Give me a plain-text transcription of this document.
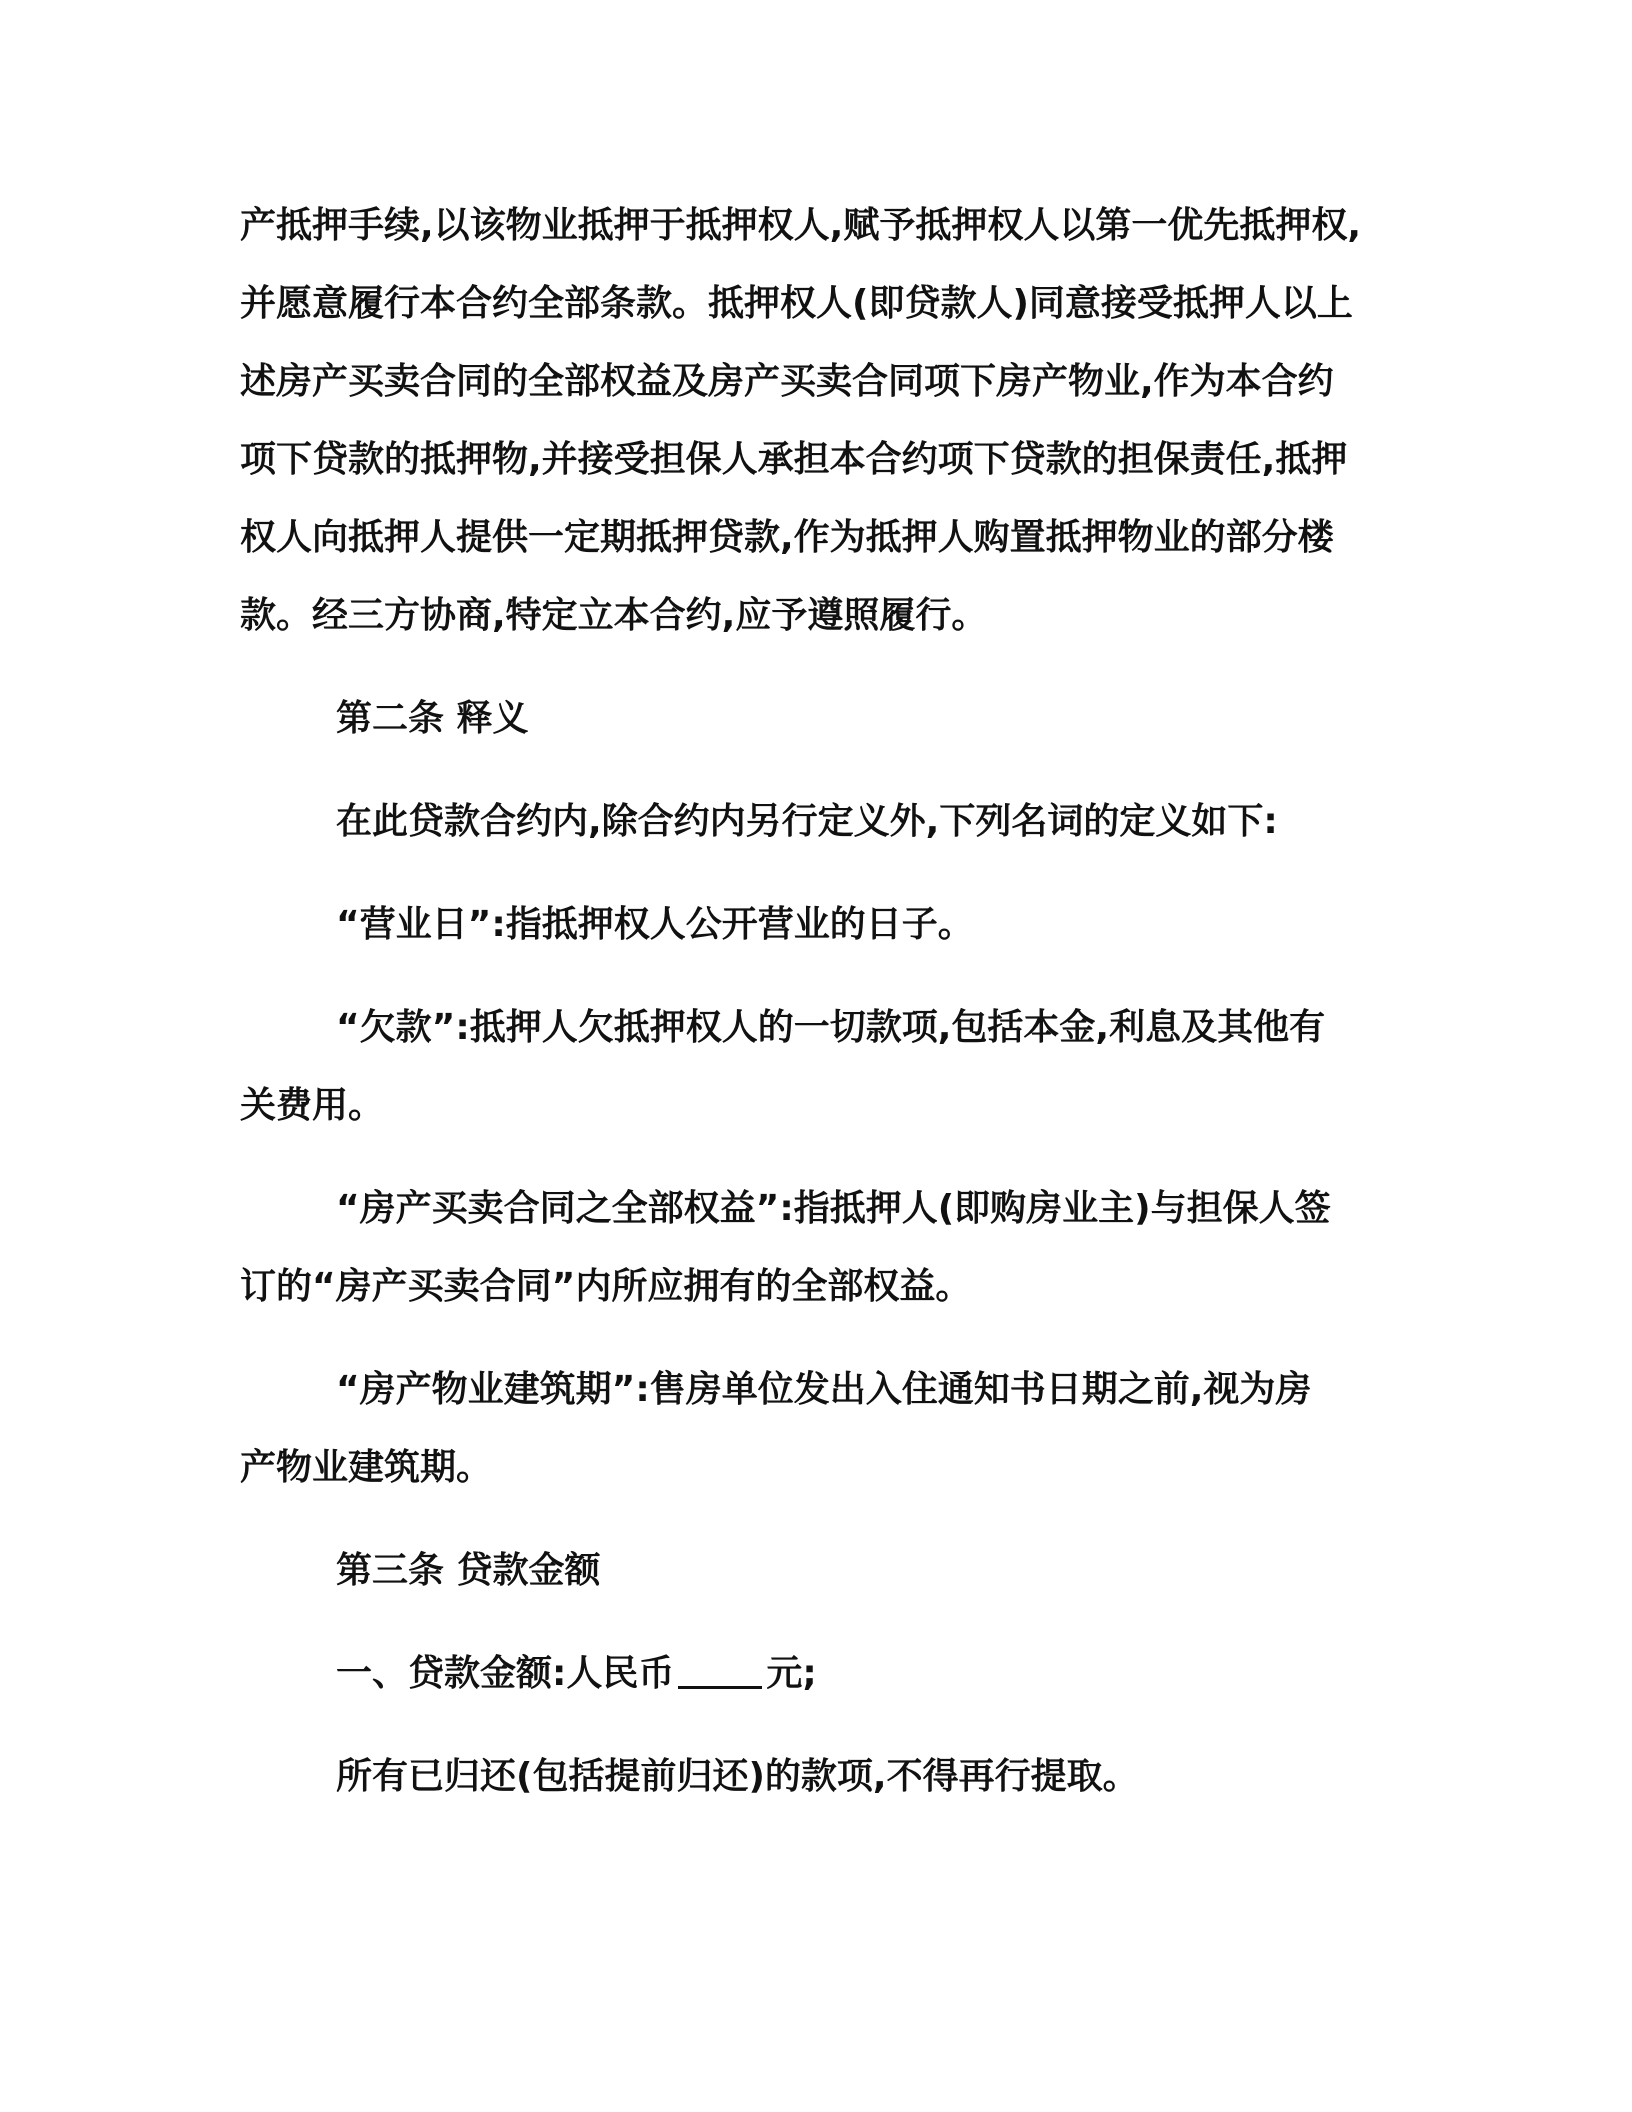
产抵押手续,以该物业抵押于抵押权人,赋予抵押权人以第一优先抵押权,

并愿意履行本合约全部条款。抵押权人(即贷款人)同意接受抵押人以上

述房产买卖合同的全部权益及房产买卖合同项下房产物业,作为本合约

项下贷款的抵押物,并接受担保人承担本合约项下贷款的担保责任,抵押

权人向抵押人提供一定期抵押贷款,作为抵押人购置抵押物业的部分楼

款。经三方协商,特定立本合约,应予遵照履行。

第二条 释义

在此贷款合约内,除合约内另行定义外,下列名词的定义如下:

“营业日”:指抵押权人公开营业的日子。

“欠款”:抵押人欠抵押权人的一切款项,包括本金,利息及其他有

关费用。

“房产买卖合同之全部权益”:指抵押人(即购房业主)与担保人签

订的“房产买卖合同”内所应拥有的全部权益。

“房产物业建筑期”:售房单位发出入住通知书日期之前,视为房

产物业建筑期。

第三条 贷款金额

一、贷款金额:人民币	元;

所有已归还(包括提前归还)的款项,不得再行提取。
